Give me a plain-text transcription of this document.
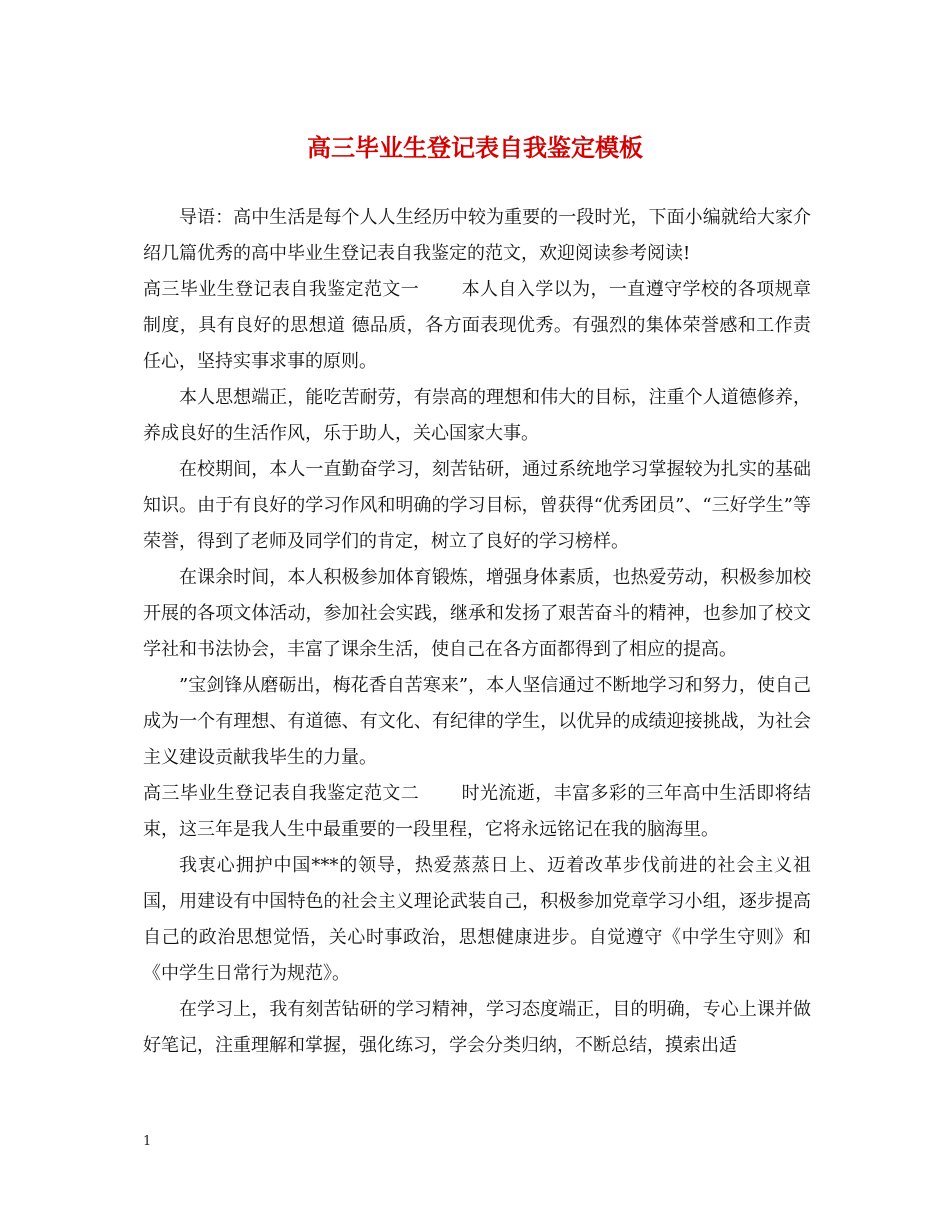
高三毕业生登记表自我鉴定模板

导语：高中生活是每个人人生经历中较为重要的一段时光，下面小编就给大家介绍几篇优秀的高中毕业生登记表自我鉴定的范文，欢迎阅读参考阅读!

高三毕业生登记表自我鉴定范文一 本人自入学以为，一直遵守学校的各项规章制度，具有良好的思想道 德品质，各方面表现优秀。有强烈的集体荣誉感和工作责任心，坚持实事求事的原则。

本人思想端正，能吃苦耐劳，有崇高的理想和伟大的目标，注重个人道德修养，养成良好的生活作风，乐于助人，关心国家大事。

在校期间，本人一直勤奋学习，刻苦钻研，通过系统地学习掌握较为扎实的基础知识。由于有良好的学习作风和明确的学习目标，曾获得“优秀团员”、“三好学生”等荣誉，得到了老师及同学们的肯定，树立了良好的学习榜样。

在课余时间，本人积极参加体育锻炼，增强身体素质，也热爱劳动，积极参加校开展的各项文体活动，参加社会实践，继承和发扬了艰苦奋斗的精神，也参加了校文学社和书法协会，丰富了课余生活，使自己在各方面都得到了相应的提高。

”宝剑锋从磨砺出，梅花香自苦寒来”，本人坚信通过不断地学习和努力，使自己成为一个有理想、有道德、有文化、有纪律的学生，以优异的成绩迎接挑战，为社会主义建设贡献我毕生的力量。

高三毕业生登记表自我鉴定范文二 时光流逝，丰富多彩的三年高中生活即将结束，这三年是我人生中最重要的一段里程，它将永远铭记在我的脑海里。

我衷心拥护中国***的领导，热爱蒸蒸日上、迈着改革步伐前进的社会主义祖国，用建设有中国特色的社会主义理论武装自己，积极参加党章学习小组，逐步提高自己的政治思想觉悟，关心时事政治，思想健康进步。自觉遵守《中学生守则》和《中学生日常行为规范》。

在学习上，我有刻苦钻研的学习精神，学习态度端正，目的明确，专心上课并做好笔记，注重理解和掌握，强化练习，学会分类归纳，不断总结，摸索出适

1
